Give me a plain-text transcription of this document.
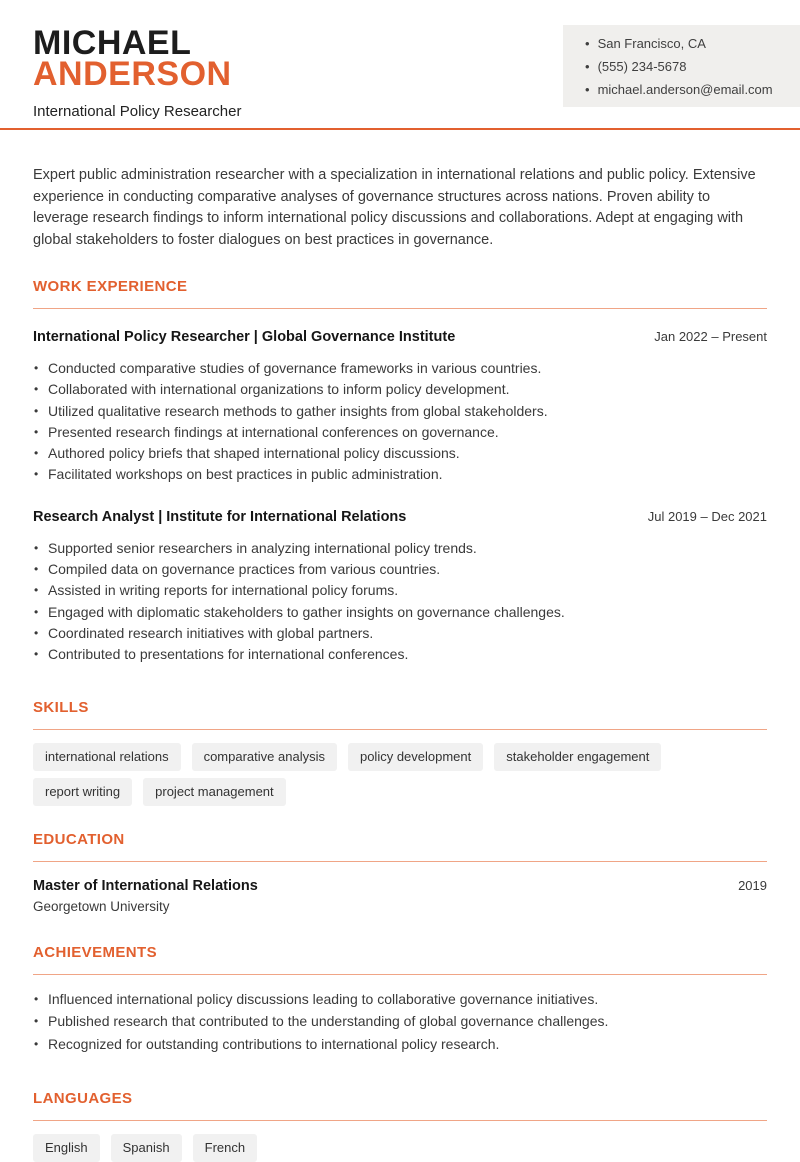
MICHAEL
ANDERSON
International Policy Researcher
• San Francisco, CA
• (555) 234-5678
• michael.anderson@email.com

Expert public administration researcher with a specialization in international relations and public policy. Extensive experience in conducting comparative analyses of governance structures across nations. Proven ability to leverage research findings to inform international policy discussions and collaborations. Adept at engaging with global stakeholders to foster dialogues on best practices in governance.

WORK EXPERIENCE
International Policy Researcher | Global Governance Institute	Jan 2022 – Present
• Conducted comparative studies of governance frameworks in various countries.
• Collaborated with international organizations to inform policy development.
• Utilized qualitative research methods to gather insights from global stakeholders.
• Presented research findings at international conferences on governance.
• Authored policy briefs that shaped international policy discussions.
• Facilitated workshops on best practices in public administration.
Research Analyst | Institute for International Relations	Jul 2019 – Dec 2021
• Supported senior researchers in analyzing international policy trends.
• Compiled data on governance practices from various countries.
• Assisted in writing reports for international policy forums.
• Engaged with diplomatic stakeholders to gather insights on governance challenges.
• Coordinated research initiatives with global partners.
• Contributed to presentations for international conferences.
SKILLS
international relations	comparative analysis	policy development	stakeholder engagement
report writing	project management
EDUCATION
Master of International Relations	2019
Georgetown University
ACHIEVEMENTS
• Influenced international policy discussions leading to collaborative governance initiatives.
• Published research that contributed to the understanding of global governance challenges.
• Recognized for outstanding contributions to international policy research.
LANGUAGES
English	Spanish	French
